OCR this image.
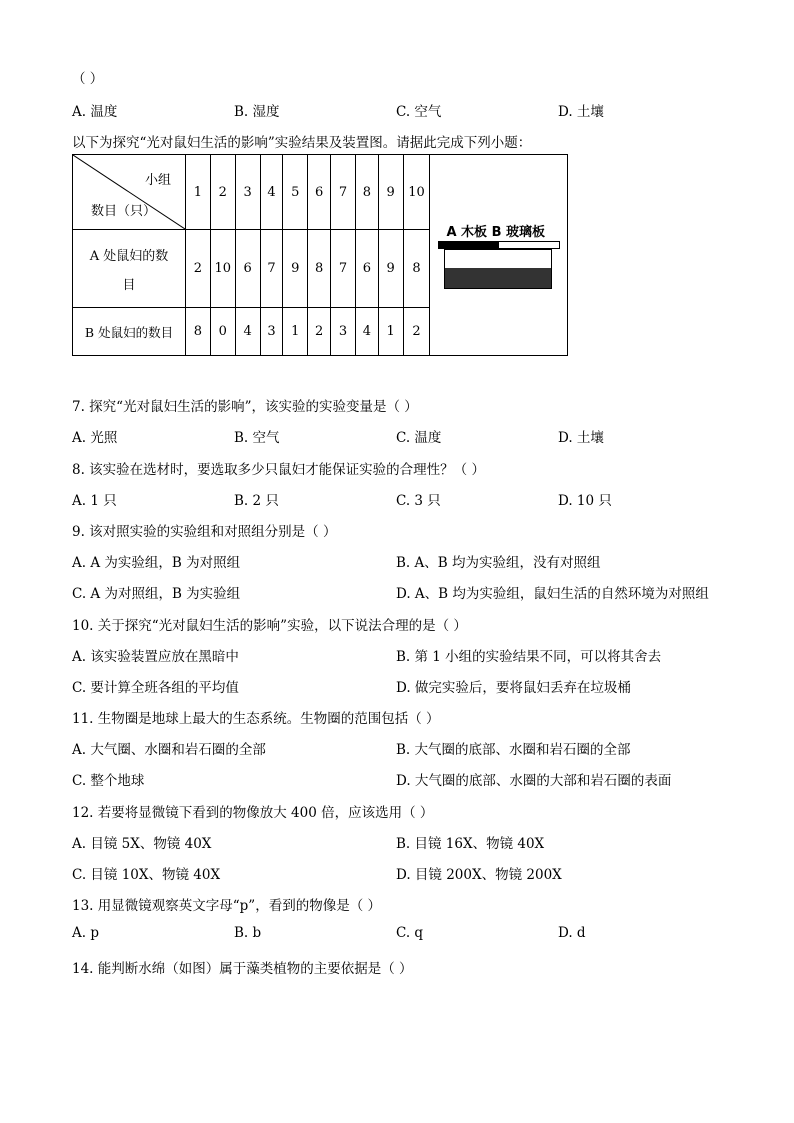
（ ）
A. 温度	B. 湿度	C. 空气	D. 土壤
以下为探究“光对鼠妇生活的影响”实验结果及装置图。请据此完成下列小题：
小组
数目（只）	1	2	3	4	5	6	7	8	9	10	A 木板 B 玻璃板

A 处鼠妇的数
目	2	10	6	7	9	8	7	6	9	8	
B 处鼠妇的数目	8	0	4	3	1	2	3	4	1	2	
7. 探究“光对鼠妇生活的影响”，该实验的实验变量是（ ）
A. 光照	B. 空气	C. 温度	D. 土壤
8. 该实验在选材时，要选取多少只鼠妇才能保证实验的合理性？（ ）
A. 1 只	B. 2 只	C. 3 只	D. 10 只
9. 该对照实验的实验组和对照组分别是（ ）
A. A 为实验组，B 为对照组	B. A、B 均为实验组，没有对照组
C. A 为对照组，B 为实验组	D. A、B 均为实验组，鼠妇生活的自然环境为对照组
10. 关于探究“光对鼠妇生活的影响”实验，以下说法合理的是（ ）
A. 该实验装置应放在黑暗中	B. 第 1 小组的实验结果不同，可以将其舍去
C. 要计算全班各组的平均值	D. 做完实验后，要将鼠妇丢弃在垃圾桶
11. 生物圈是地球上最大的生态系统。生物圈的范围包括（ ）
A. 大气圈、水圈和岩石圈的全部	B. 大气圈的底部、水圈和岩石圈的全部
C. 整个地球	D. 大气圈的底部、水圈的大部和岩石圈的表面
12. 若要将显微镜下看到的物像放大 400 倍，应该选用（ ）
A. 目镜 5X、物镜 40X	B. 目镜 16X、物镜 40X
C. 目镜 10X、物镜 40X	D. 目镜 200X、物镜 200X
13. 用显微镜观察英文字母“p”，看到的物像是（ ）
A. p	B. b	C. q	D. d
14. 能判断水绵（如图）属于藻类植物的主要依据是（ ）
